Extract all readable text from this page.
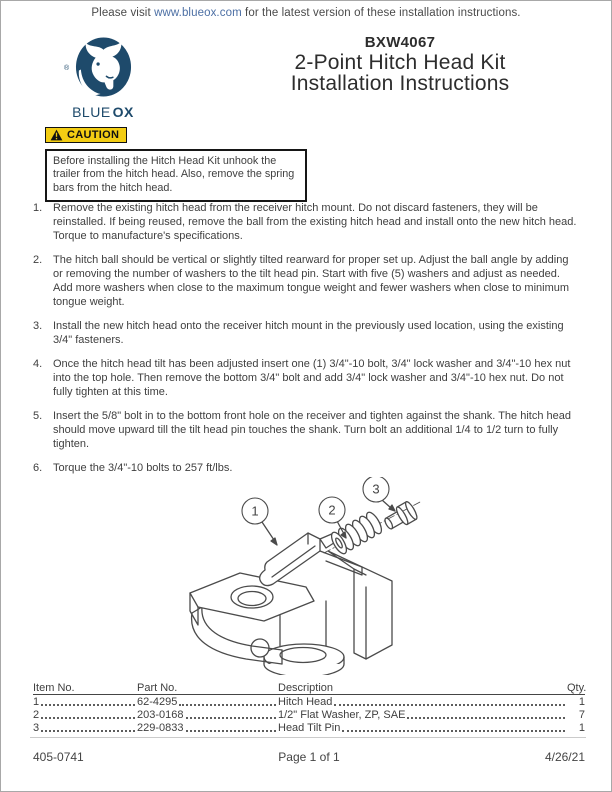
Please visit www.blueox.com for the latest version of these installation instructions.
®
BLUE OX
BXW4067
2-Point Hitch Head Kit
Installation Instructions
CAUTION
Before installing the Hitch Head Kit unhook the trailer from the hitch head. Also, remove the spring bars from the hitch head.
1. Remove the existing hitch head from the receiver hitch mount. Do not discard fasteners, they will be reinstalled. If being reused, remove the ball from the existing hitch head and install onto the new hitch head. Torque to manufacture's specifications.
2. The hitch ball should be vertical or slightly tilted rearward for proper set up. Adjust the ball angle by adding or removing the number of washers to the tilt head pin. Start with five (5) washers and adjust as needed. Add more washers when close to the maximum tongue weight and fewer washers when close to minimum tongue weight.
3. Install the new hitch head onto the receiver hitch mount in the previously used location, using the existing 3/4" fasteners.
4. Once the hitch head tilt has been adjusted insert one (1) 3/4"-10 bolt, 3/4" lock washer and 3/4"-10 hex nut into the top hole. Then remove the bottom 3/4" bolt and add 3/4" lock washer and 3/4"-10 hex nut. Do not fully tighten at this time.
5. Insert the 5/8" bolt in to the bottom front hole on the receiver and tighten against the shank. The hitch head should move upward till the tilt head pin touches the shank. Turn bolt an additional 1/4 to 1/2 turn to fully tighten.
6. Torque the 3/4"-10 bolts to 257 ft/lbs.
1	2
3
Item No.	Part No.	Description	Qty.
1	62-4295	Hitch Head	1
2	203-0168	1/2" Flat Washer, ZP, SAE	7
3	229-0833	Head Tilt Pin	1
Page 1 of 1
405-0741	4/26/21
